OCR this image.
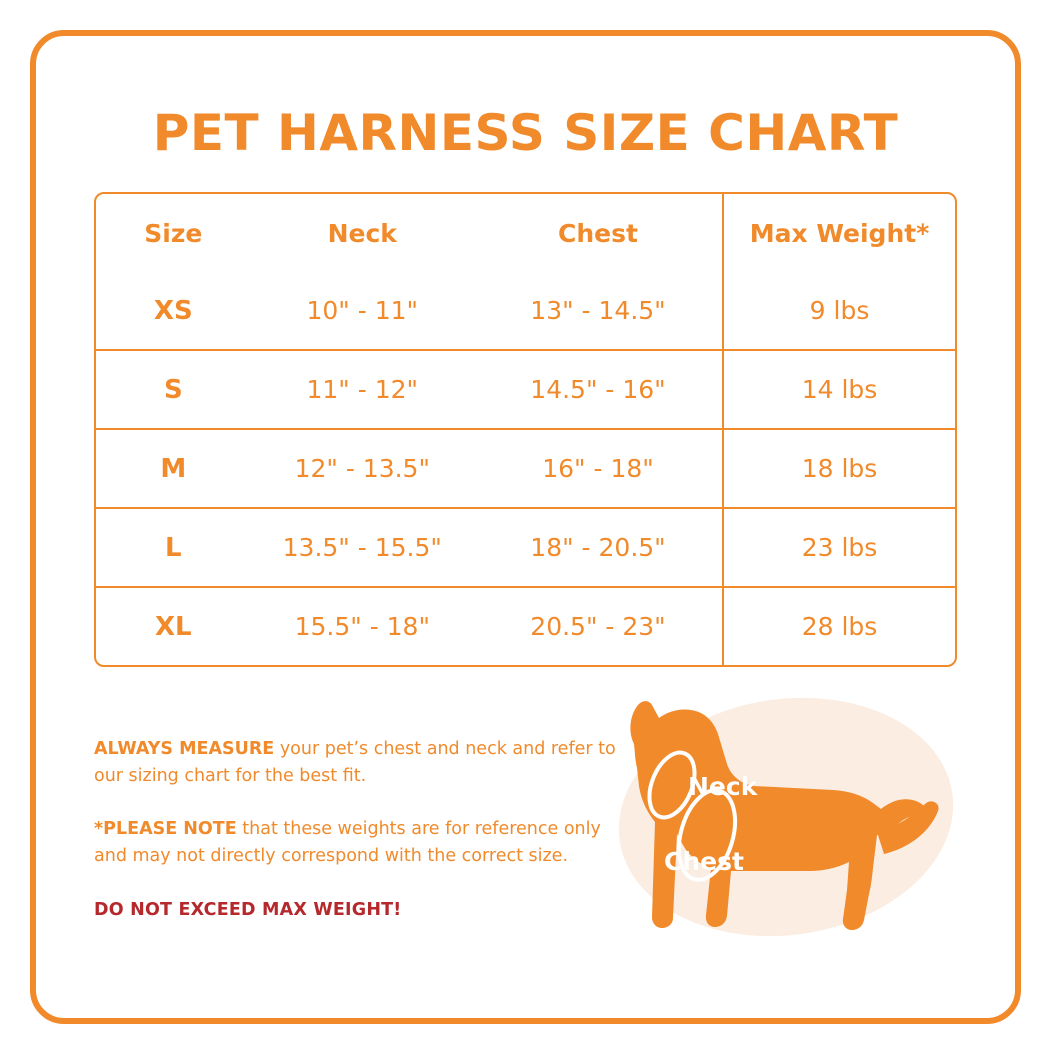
PET HARNESS SIZE CHART
Size	Neck	Chest	Max Weight*
XS	10" - 11"	13" - 14.5"	9 lbs
S	11" - 12"	14.5" - 16"	14 lbs
M	12" - 13.5"	16" - 18"	18 lbs
L	13.5" - 15.5"	18" - 20.5"	23 lbs
XL	15.5" - 18"	20.5" - 23"	28 lbs

ALWAYS MEASURE your pet’s chest and neck and refer to our sizing chart for the best fit.

*PLEASE NOTE that these weights are for reference only and may not directly correspond with the correct size.

DO NOT EXCEED MAX WEIGHT!

Neck
Chest
